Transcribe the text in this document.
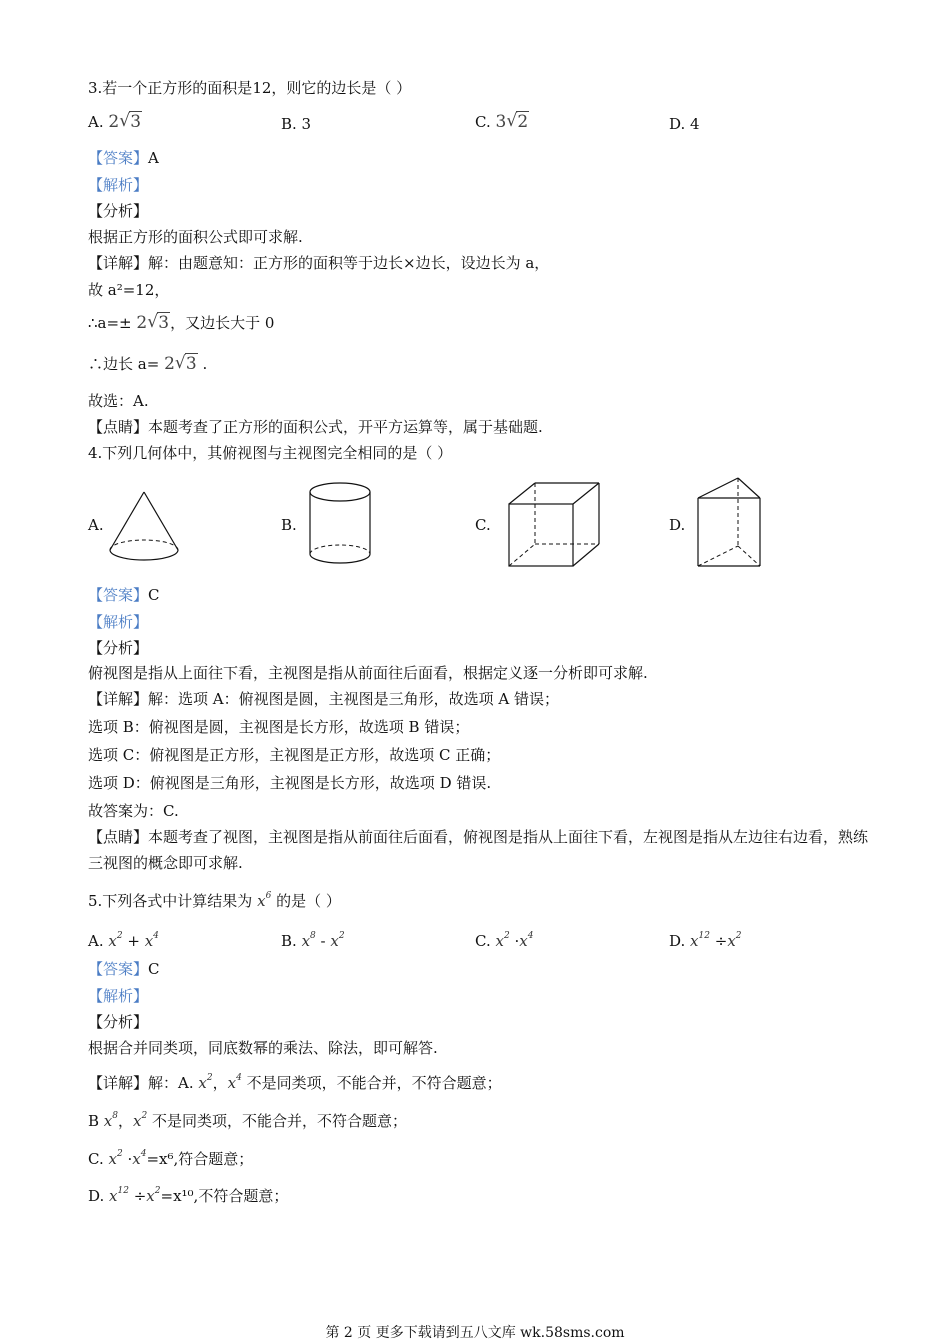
3.若一个正方形的面积是12，则它的边长是（ ）
A. 2 √ 3	B. 3	C. 3 √ 2	D. 4
【答案】A
【解析】
【分析】
根据正方形的面积公式即可求解.
【详解】解：由题意知：正方形的面积等于边长×边长，设边长为 a，
故 a²=12，
∴a=± 2 √ 3，又边长大于 0
∴边长 a= 2 √ 3 .
故选：A.
【点睛】本题考查了正方形的面积公式，开平方运算等，属于基础题.
4.下列几何体中，其俯视图与主视图完全相同的是（ ）
A.	B.	C.	D.
【答案】C
【解析】
【分析】
俯视图是指从上面往下看，主视图是指从前面往后面看，根据定义逐一分析即可求解.
【详解】解：选项 A：俯视图是圆，主视图是三角形，故选项 A 错误；
选项 B：俯视图是圆，主视图是长方形，故选项 B 错误；
选项 C：俯视图是正方形，主视图是正方形，故选项 C 正确；
选项 D：俯视图是三角形，主视图是长方形，故选项 D 错误.
故答案为：C.
【点睛】本题考查了视图，主视图是指从前面往后面看，俯视图是指从上面往下看，左视图是指从左边往右边看，熟练三视图的概念即可求解.
5.下列各式中计算结果为 $x^6$ 的是（ ）
A. $x^2 + x^4$	B. $x^8 - x^2$	C. $x^2 \cdot x^4$	D. $x^{12} \div x^2$
【答案】C
【解析】
【分析】
根据合并同类项，同底数幂的乘法、除法，即可解答.
【详解】解：A. $x^2$，$x^4$ 不是同类项，不能合并，不符合题意；
B $x^8$，$x^2$ 不是同类项，不能合并，不符合题意；
C. $x^2 \cdot x^4=x^6$,符合题意；
D. $x^{12} \div x^2=x^{10}$,不符合题意；
第 2 页 更多下载请到五八文库 wk.58sms.com
